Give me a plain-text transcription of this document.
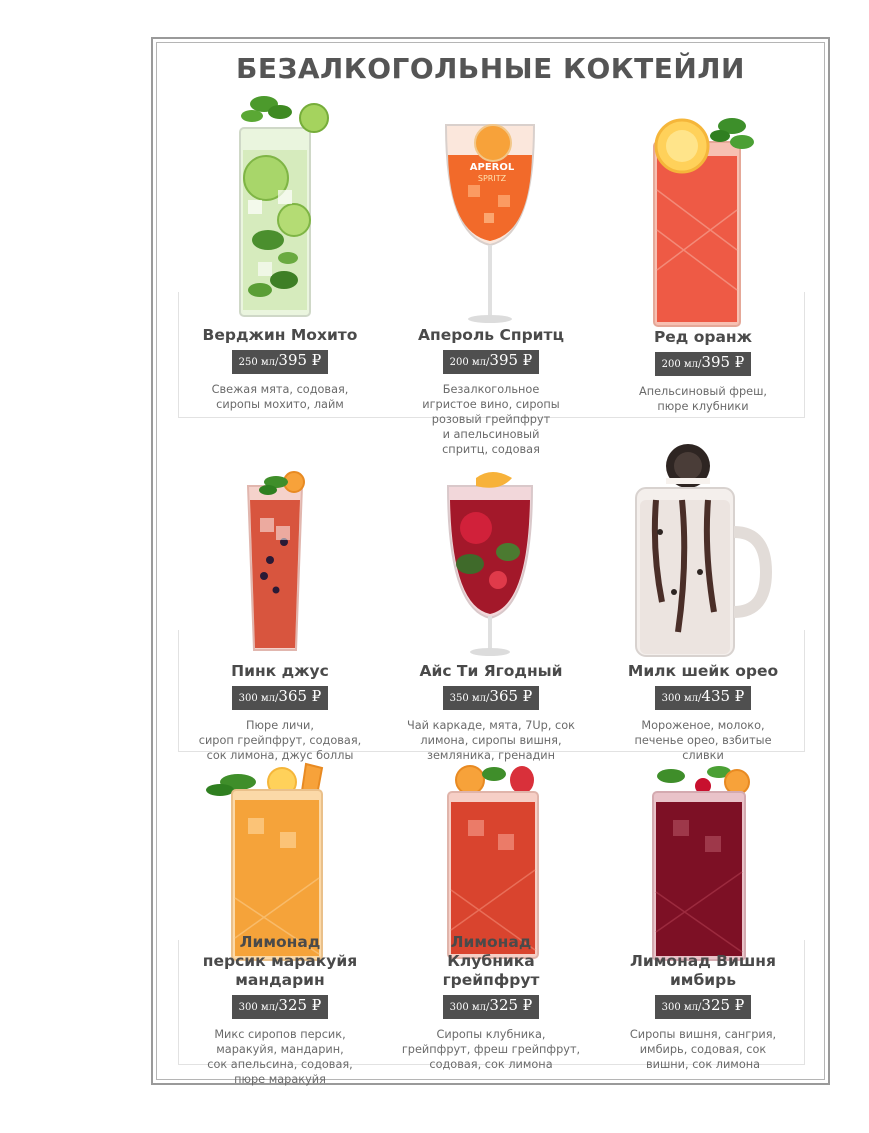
БЕЗАЛКОГОЛЬНЫЕ КОКТЕЙЛИ
APEROL
SPRITZ
Верджин Мохито
250 мл/395 ₽
Свежая мята, содовая,
сиропы мохито, лайм
Апероль Спритц
200 мл/395 ₽
Безалкогольное
игристое вино, сиропы
розовый грейпфрут
и апельсиновый
спритц, содовая
Ред оранж
200 мл/395 ₽
Апельсиновый фреш,
пюре клубники
Пинк джус
300 мл/365 ₽
Пюре личи,
сироп грейпфрут, содовая,
сок лимона, джус боллы
Айс Ти Ягодный
350 мл/365 ₽
Чай каркаде, мята, 7Up, сок
лимона, сиропы вишня,
земляника, гренадин
Милк шейк орео
300 мл/435 ₽
Мороженое, молоко,
печенье орео, взбитые
сливки
Лимонад
персик маракуйя
мандарин
300 мл/325 ₽
Микс сиропов персик,
маракуйя, мандарин,
сок апельсина, содовая,
пюре маракуйя
Лимонад
Клубника
грейпфрут
300 мл/325 ₽
Сиропы клубника,
грейпфрут, фреш грейпфрут,
содовая, сок лимона
Лимонад Вишня
имбирь
300 мл/325 ₽
Сиропы вишня, сангрия,
имбирь, содовая, сок
вишни, сок лимона
